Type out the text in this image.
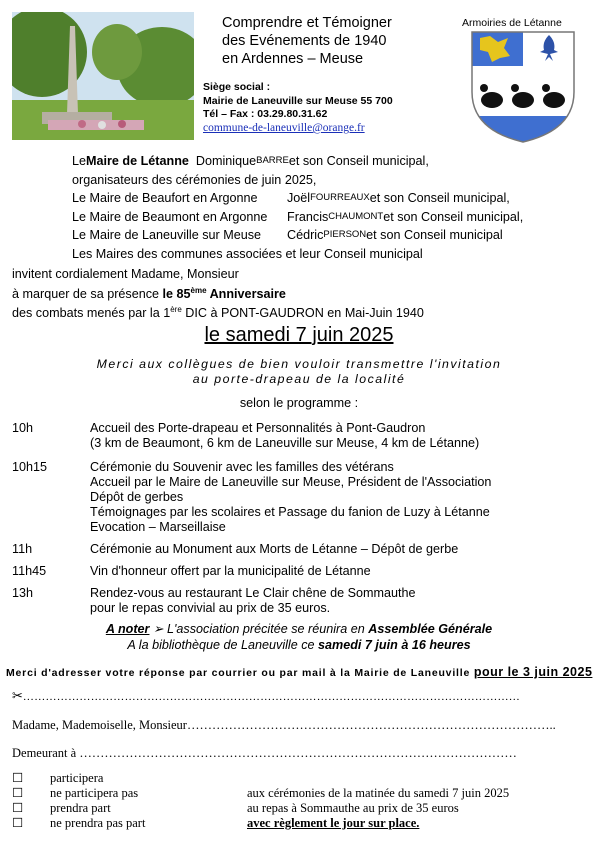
Comprendre et Témoigner
des Evénements de 1940
en Ardennes – Meuse
Siège social :
Mairie de Laneuville sur Meuse 55 700
Tél – Fax : 03.29.80.31.62
commune-de-laneuville@orange.fr
Armoiries de Létanne
Le Maire de Létanne
Dominique BARRE et son Conseil municipal,
organisateurs des cérémonies de juin 2025,
Le Maire de Beaufort en Argonne	Joël FOURREAUX et son Conseil municipal,
Le Maire de Beaumont en Argonne	Francis CHAUMONT et son Conseil municipal,
Le Maire de Laneuville sur Meuse	Cédric PIERSON et son Conseil municipal
Les Maires des communes associées et leur Conseil municipal
invitent cordialement Madame, Monsieur
à marquer de sa présence le 85ème Anniversaire
des combats menés par la 1ère DIC à PONT-GAUDRON en Mai-Juin 1940
le samedi 7 juin 2025
Merci aux collègues de bien vouloir transmettre l'invitation
au porte-drapeau de la localité
selon le programme :
10h	Accueil des Porte-drapeau et Personnalités à Pont-Gaudron
(3 km de Beaumont, 6 km de Laneuville sur Meuse, 4 km de Létanne)
10h15	Cérémonie du Souvenir avec les familles des vétérans
Accueil par le Maire de Laneuville sur Meuse, Président de l'Association
Dépôt de gerbes
Témoignages par les scolaires et Passage du fanion de Luzy à Létanne
Evocation – Marseillaise
11h	Cérémonie au Monument aux Morts de Létanne – Dépôt de gerbe
11h45	Vin d'honneur offert par la municipalité de Létanne
13h	Rendez-vous au restaurant Le Clair chêne de Sommauthe
pour le repas convivial au prix de 35 euros.
A noter ➢ L'association précitée se réunira en Assemblée Générale
A la bibliothèque de Laneuville ce samedi 7 juin à 16 heures
Merci d'adresser votre réponse par courrier ou par mail à la Mairie de Laneuville pour le 3 juin 2025
✂……………………………………………………………………………………………………………………
Madame, Mademoiselle, Monsieur……………………………………………………………………………..
Demeurant à ……………………………………………………………………………………………
☐	participera
☐	ne participera pas	aux cérémonies de la matinée du samedi 7 juin 2025
☐	prendra part	au repas à Sommauthe au prix de 35 euros
☐	ne prendra pas part	avec règlement le jour sur place.
